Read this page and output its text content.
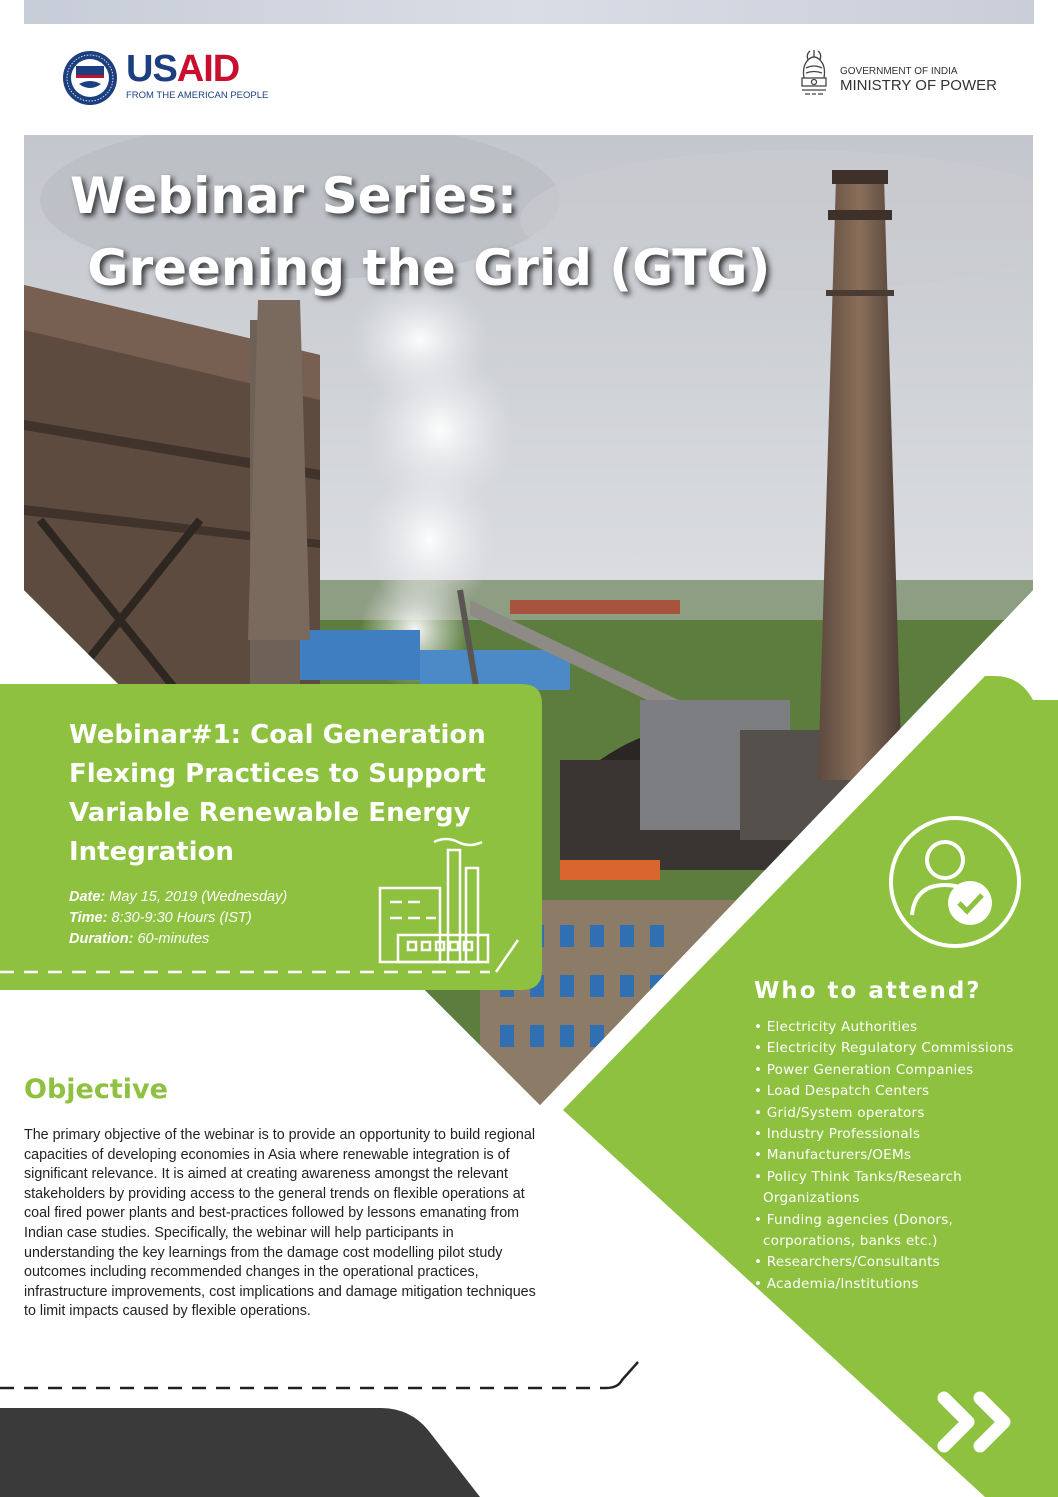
USAID
FROM THE AMERICAN PEOPLE
GOVERNMENT OF INDIA
MINISTRY OF POWER
Webinar Series:
Greening the Grid (GTG)
Webinar#1: Coal Generation Flexing Practices to Support Variable Renewable Energy Integration
Date: May 15, 2019 (Wednesday)
Time: 8:30-9:30 Hours (IST)
Duration: 60-minutes
Who to attend?
• Electricity Authorities
• Electricity Regulatory Commissions
• Power Generation Companies
• Load Despatch Centers
• Grid/System operators
• Industry Professionals
• Manufacturers/OEMs
• Policy Think Tanks/Research Organizations
• Funding agencies (Donors, corporations, banks etc.)
• Researchers/Consultants
• Academia/Institutions
Objective

The primary objective of the webinar is to provide an opportunity to build regional capacities of developing economies in Asia where renewable integration is of significant relevance. It is aimed at creating awareness amongst the relevant stakeholders by providing access to the general trends on flexible operations at coal fired power plants and best-practices followed by lessons emanating from Indian case studies. Specifically, the webinar will help participants in understanding the key learnings from the damage cost modelling pilot study outcomes including recommended changes in the operational practices, infrastructure improvements, cost implications and damage mitigation techniques to limit impacts caused by flexible operations.
